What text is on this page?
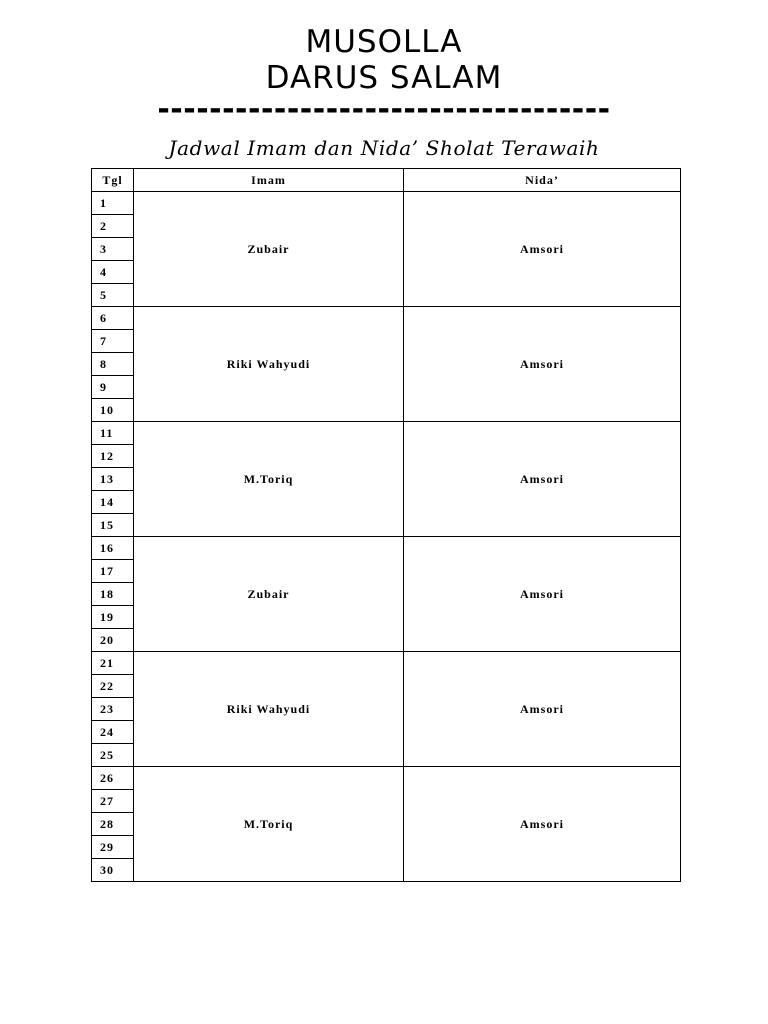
MUSOLLA
DARUS SALAM
-----------------------------------
Jadwal Imam dan Nida’ Sholat Terawaih
Tgl	Imam	Nida’
1	Zubair	Amsori
2		
3		
4		
5		
6	Riki Wahyudi	Amsori
7		
8		
9		
10		
11	M.Toriq	Amsori
12		
13		
14		
15		
16	Zubair	Amsori
17		
18		
19		
20		
21	Riki Wahyudi	Amsori
22		
23		
24		
25		
26	M.Toriq	Amsori
27		
28		
29		
30		
